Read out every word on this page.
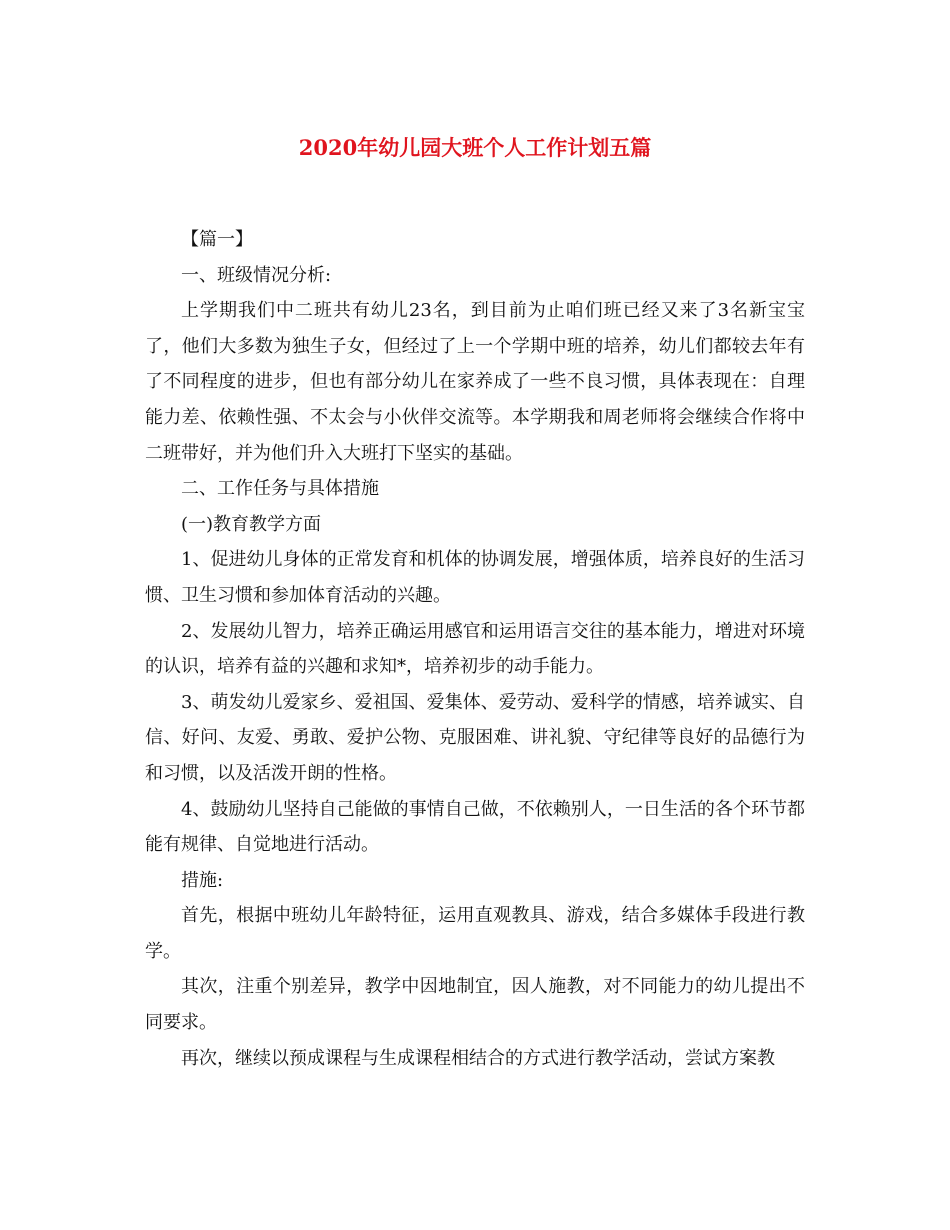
2020年幼儿园大班个人工作计划五篇

【篇一】

一、班级情况分析:

上学期我们中二班共有幼儿23名，到目前为止咱们班已经又来了3名新宝宝了，他们大多数为独生子女，但经过了上一个学期中班的培养，幼儿们都较去年有了不同程度的进步，但也有部分幼儿在家养成了一些不良习惯，具体表现在：自理能力差、依赖性强、不太会与小伙伴交流等。本学期我和周老师将会继续合作将中二班带好，并为他们升入大班打下坚实的基础。

二、工作任务与具体措施

(一)教育教学方面

1、促进幼儿身体的正常发育和机体的协调发展，增强体质，培养良好的生活习惯、卫生习惯和参加体育活动的兴趣。

2、发展幼儿智力，培养正确运用感官和运用语言交往的基本能力，增进对环境的认识，培养有益的兴趣和求知*，培养初步的动手能力。

3、萌发幼儿爱家乡、爱祖国、爱集体、爱劳动、爱科学的情感，培养诚实、自信、好问、友爱、勇敢、爱护公物、克服困难、讲礼貌、守纪律等良好的品德行为和习惯，以及活泼开朗的性格。

4、鼓励幼儿坚持自己能做的事情自己做，不依赖别人，一日生活的各个环节都能有规律、自觉地进行活动。

措施:

首先，根据中班幼儿年龄特征，运用直观教具、游戏，结合多媒体手段进行教学。

其次，注重个别差异，教学中因地制宜，因人施教，对不同能力的幼儿提出不同要求。

再次，继续以预成课程与生成课程相结合的方式进行教学活动，尝试方案教
